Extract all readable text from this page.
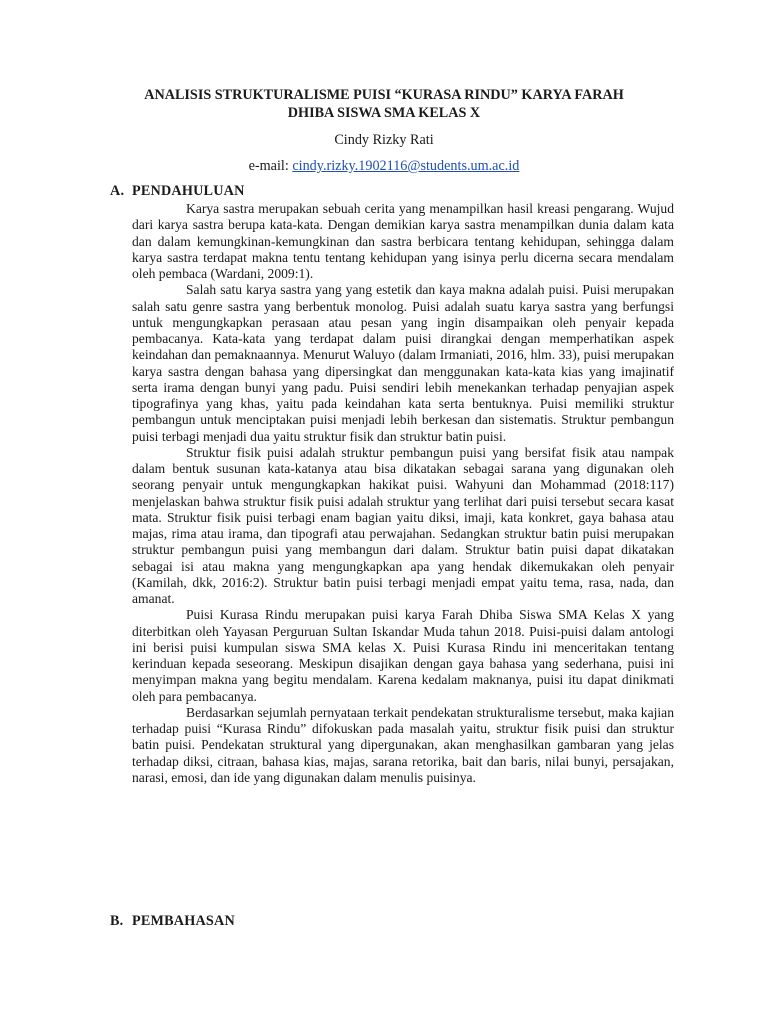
ANALISIS STRUKTURALISME PUISI “KURASA RINDU” KARYA FARAH
DHIBA SISWA SMA KELAS X
Cindy Rizky Rati
e-mail: cindy.rizky.1902116@students.um.ac.id
A. PENDAHULUAN

Karya sastra merupakan sebuah cerita yang menampilkan hasil kreasi pengarang. Wujud dari karya sastra berupa kata-kata. Dengan demikian karya sastra menampilkan dunia dalam kata dan dalam kemungkinan-kemungkinan dan sastra berbicara tentang kehidupan, sehingga dalam karya sastra terdapat makna tentu tentang kehidupan yang isinya perlu dicerna secara mendalam oleh pembaca (Wardani, 2009:1).

Salah satu karya sastra yang yang estetik dan kaya makna adalah puisi. Puisi merupakan salah satu genre sastra yang berbentuk monolog. Puisi adalah suatu karya sastra yang berfungsi untuk mengungkapkan perasaan atau pesan yang ingin disampaikan oleh penyair kepada pembacanya. Kata-kata yang terdapat dalam puisi dirangkai dengan memperhatikan aspek keindahan dan pemaknaannya. Menurut Waluyo (dalam Irmaniati, 2016, hlm. 33), puisi merupakan karya sastra dengan bahasa yang dipersingkat dan menggunakan kata-kata kias yang imajinatif serta irama dengan bunyi yang padu. Puisi sendiri lebih menekankan terhadap penyajian aspek tipografinya yang khas, yaitu pada keindahan kata serta bentuknya. Puisi memiliki struktur pembangun untuk menciptakan puisi menjadi lebih berkesan dan sistematis. Struktur pembangun puisi terbagi menjadi dua yaitu struktur fisik dan struktur batin puisi.

Struktur fisik puisi adalah struktur pembangun puisi yang bersifat fisik atau nampak dalam bentuk susunan kata-katanya atau bisa dikatakan sebagai sarana yang digunakan oleh seorang penyair untuk mengungkapkan hakikat puisi. Wahyuni dan Mohammad (2018:117) menjelaskan bahwa struktur fisik puisi adalah struktur yang terlihat dari puisi tersebut secara kasat mata. Struktur fisik puisi terbagi enam bagian yaitu diksi, imaji, kata konkret, gaya bahasa atau majas, rima atau irama, dan tipografi atau perwajahan. Sedangkan struktur batin puisi merupakan struktur pembangun puisi yang membangun dari dalam. Struktur batin puisi dapat dikatakan sebagai isi atau makna yang mengungkapkan apa yang hendak dikemukakan oleh penyair (Kamilah, dkk, 2016:2). Struktur batin puisi terbagi menjadi empat yaitu tema, rasa, nada, dan amanat.

Puisi Kurasa Rindu merupakan puisi karya Farah Dhiba Siswa SMA Kelas X yang diterbitkan oleh Yayasan Perguruan Sultan Iskandar Muda tahun 2018. Puisi-puisi dalam antologi ini berisi puisi kumpulan siswa SMA kelas X. Puisi Kurasa Rindu ini menceritakan tentang kerinduan kepada seseorang. Meskipun disajikan dengan gaya bahasa yang sederhana, puisi ini menyimpan makna yang begitu mendalam. Karena kedalam maknanya, puisi itu dapat dinikmati oleh para pembacanya.

Berdasarkan sejumlah pernyataan terkait pendekatan strukturalisme tersebut, maka kajian terhadap puisi “Kurasa Rindu” difokuskan pada masalah yaitu, struktur fisik puisi dan struktur batin puisi. Pendekatan struktural yang dipergunakan, akan menghasilkan gambaran yang jelas terhadap diksi, citraan, bahasa kias, majas, sarana retorika, bait dan baris, nilai bunyi, persajakan, narasi, emosi, dan ide yang digunakan dalam menulis puisinya.

B. PEMBAHASAN
